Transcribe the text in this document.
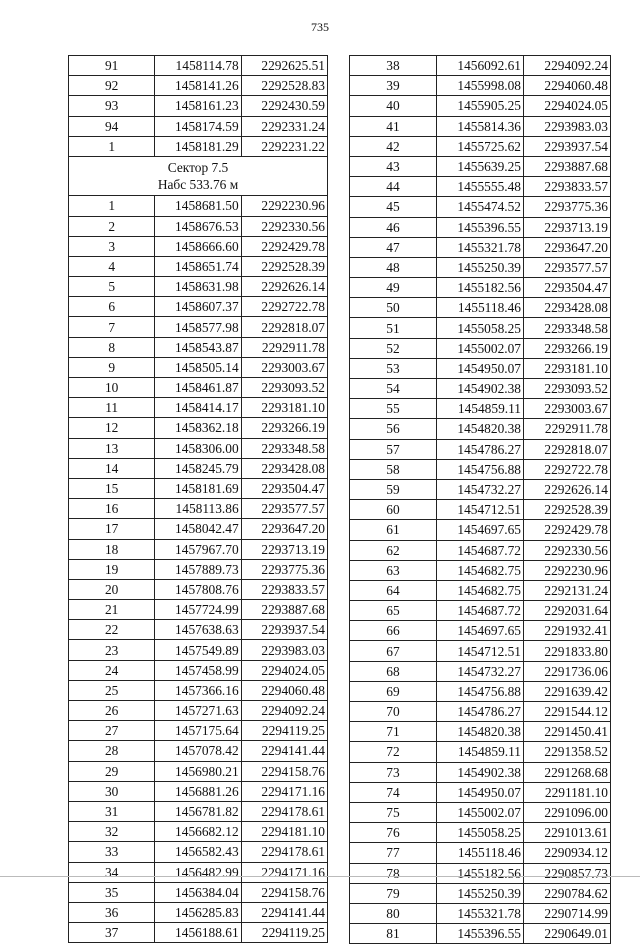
735
91	1458114.78	2292625.51
92	1458141.26	2292528.83
93	1458161.23	2292430.59
94	1458174.59	2292331.24
1	1458181.29	2292231.22

Сектор 7.5
Набс 533.76 м		

1	1458681.50	2292230.96
2	1458676.53	2292330.56
3	1458666.60	2292429.78
4	1458651.74	2292528.39
5	1458631.98	2292626.14
6	1458607.37	2292722.78
7	1458577.98	2292818.07
8	1458543.87	2292911.78
9	1458505.14	2293003.67
10	1458461.87	2293093.52
11	1458414.17	2293181.10
12	1458362.18	2293266.19
13	1458306.00	2293348.58
14	1458245.79	2293428.08
15	1458181.69	2293504.47
16	1458113.86	2293577.57
17	1458042.47	2293647.20
18	1457967.70	2293713.19
19	1457889.73	2293775.36
20	1457808.76	2293833.57
21	1457724.99	2293887.68
22	1457638.63	2293937.54
23	1457549.89	2293983.03
24	1457458.99	2294024.05
25	1457366.16	2294060.48
26	1457271.63	2294092.24
27	1457175.64	2294119.25
28	1457078.42	2294141.44
29	1456980.21	2294158.76
30	1456881.26	2294171.16
31	1456781.82	2294178.61
32	1456682.12	2294181.10
33	1456582.43	2294178.61
34	1456482.99	2294171.16
35	1456384.04	2294158.76
36	1456285.83	2294141.44
37	1456188.61	2294119.25
38	1456092.61	2294092.24
39	1455998.08	2294060.48
40	1455905.25	2294024.05
41	1455814.36	2293983.03
42	1455725.62	2293937.54
43	1455639.25	2293887.68
44	1455555.48	2293833.57
45	1455474.52	2293775.36
46	1455396.55	2293713.19
47	1455321.78	2293647.20
48	1455250.39	2293577.57
49	1455182.56	2293504.47
50	1455118.46	2293428.08
51	1455058.25	2293348.58
52	1455002.07	2293266.19
53	1454950.07	2293181.10
54	1454902.38	2293093.52
55	1454859.11	2293003.67
56	1454820.38	2292911.78
57	1454786.27	2292818.07
58	1454756.88	2292722.78
59	1454732.27	2292626.14
60	1454712.51	2292528.39
61	1454697.65	2292429.78
62	1454687.72	2292330.56
63	1454682.75	2292230.96
64	1454682.75	2292131.24
65	1454687.72	2292031.64
66	1454697.65	2291932.41
67	1454712.51	2291833.80
68	1454732.27	2291736.06
69	1454756.88	2291639.42
70	1454786.27	2291544.12
71	1454820.38	2291450.41
72	1454859.11	2291358.52
73	1454902.38	2291268.68
74	1454950.07	2291181.10
75	1455002.07	2291096.00
76	1455058.25	2291013.61
77	1455118.46	2290934.12
78	1455182.56	2290857.73
79	1455250.39	2290784.62
80	1455321.78	2290714.99
81	1455396.55	2290649.01
